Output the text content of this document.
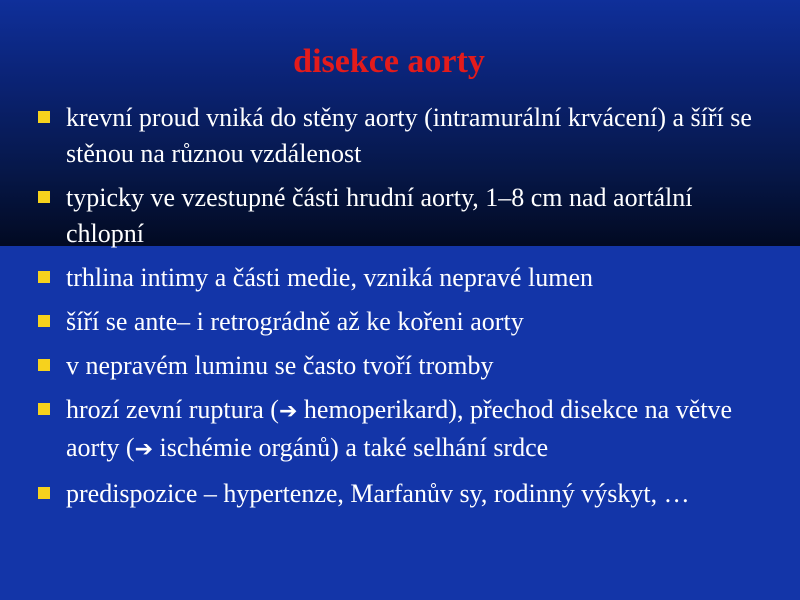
disekce aorty
krevní proud vniká do stěny aorty (intramurální krvácení) a šíří se stěnou na různou vzdálenost
typicky ve vzestupné části hrudní aorty, 1–8 cm nad aortální chlopní
trhlina intimy a části medie, vzniká nepravé lumen
šíří se ante– i retrográdně až ke kořeni aorty
v nepravém luminu se často tvoří tromby
hrozí zevní ruptura (➔ hemoperikard), přechod disekce na větve aorty (➔ ischémie orgánů) a také selhání srdce
predispozice – hypertenze, Marfanův sy, rodinný výskyt, …
